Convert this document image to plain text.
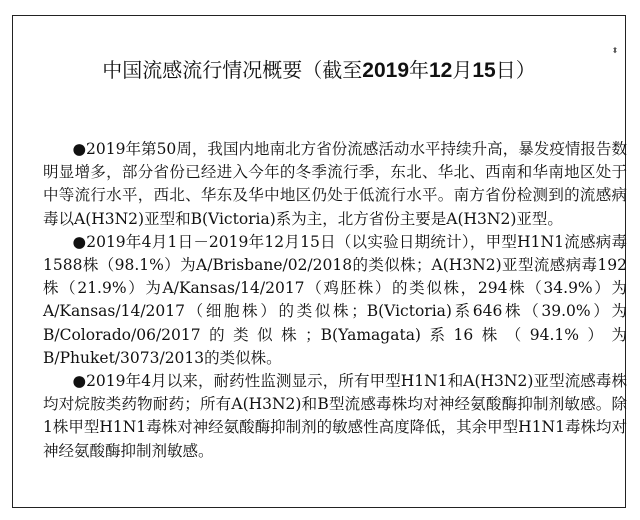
⬍
中国流感流行情况概要（截至2019年12月15日）

●2019年第50周，我国内地南北方省份流感活动水平持续升高，暴发疫情报告数明显增多，部分省份已经进入今年的冬季流行季，东北、华北、西南和华南地区处于中等流行水平，西北、华东及华中地区仍处于低流行水平。南方省份检测到的流感病毒以A(H3N2)亚型和B(Victoria)系为主，北方省份主要是A(H3N2)亚型。

●2019年4月1日－2019年12月15日（以实验日期统计），甲型H1N1流感病毒1588株（98.1%）为A/Brisbane/02/2018的类似株；A(H3N2)亚型流感病毒192株（21.9%）为A/Kansas/14/2017（鸡胚株）的类似株，294株（34.9%）为A/Kansas/14/2017（细胞株）的类似株；B(Victoria)系646株（39.0%）为B/Colorado/06/2017的类似株；B(Yamagata)系16株（94.1%）为B/Phuket/3073/2013的类似株。

●2019年4月以来，耐药性监测显示，所有甲型H1N1和A(H3N2)亚型流感毒株均对烷胺类药物耐药；所有A(H3N2)和B型流感毒株均对神经氨酸酶抑制剂敏感。除1株甲型H1N1毒株对神经氨酸酶抑制剂的敏感性高度降低，其余甲型H1N1毒株均对神经氨酸酶抑制剂敏感。
